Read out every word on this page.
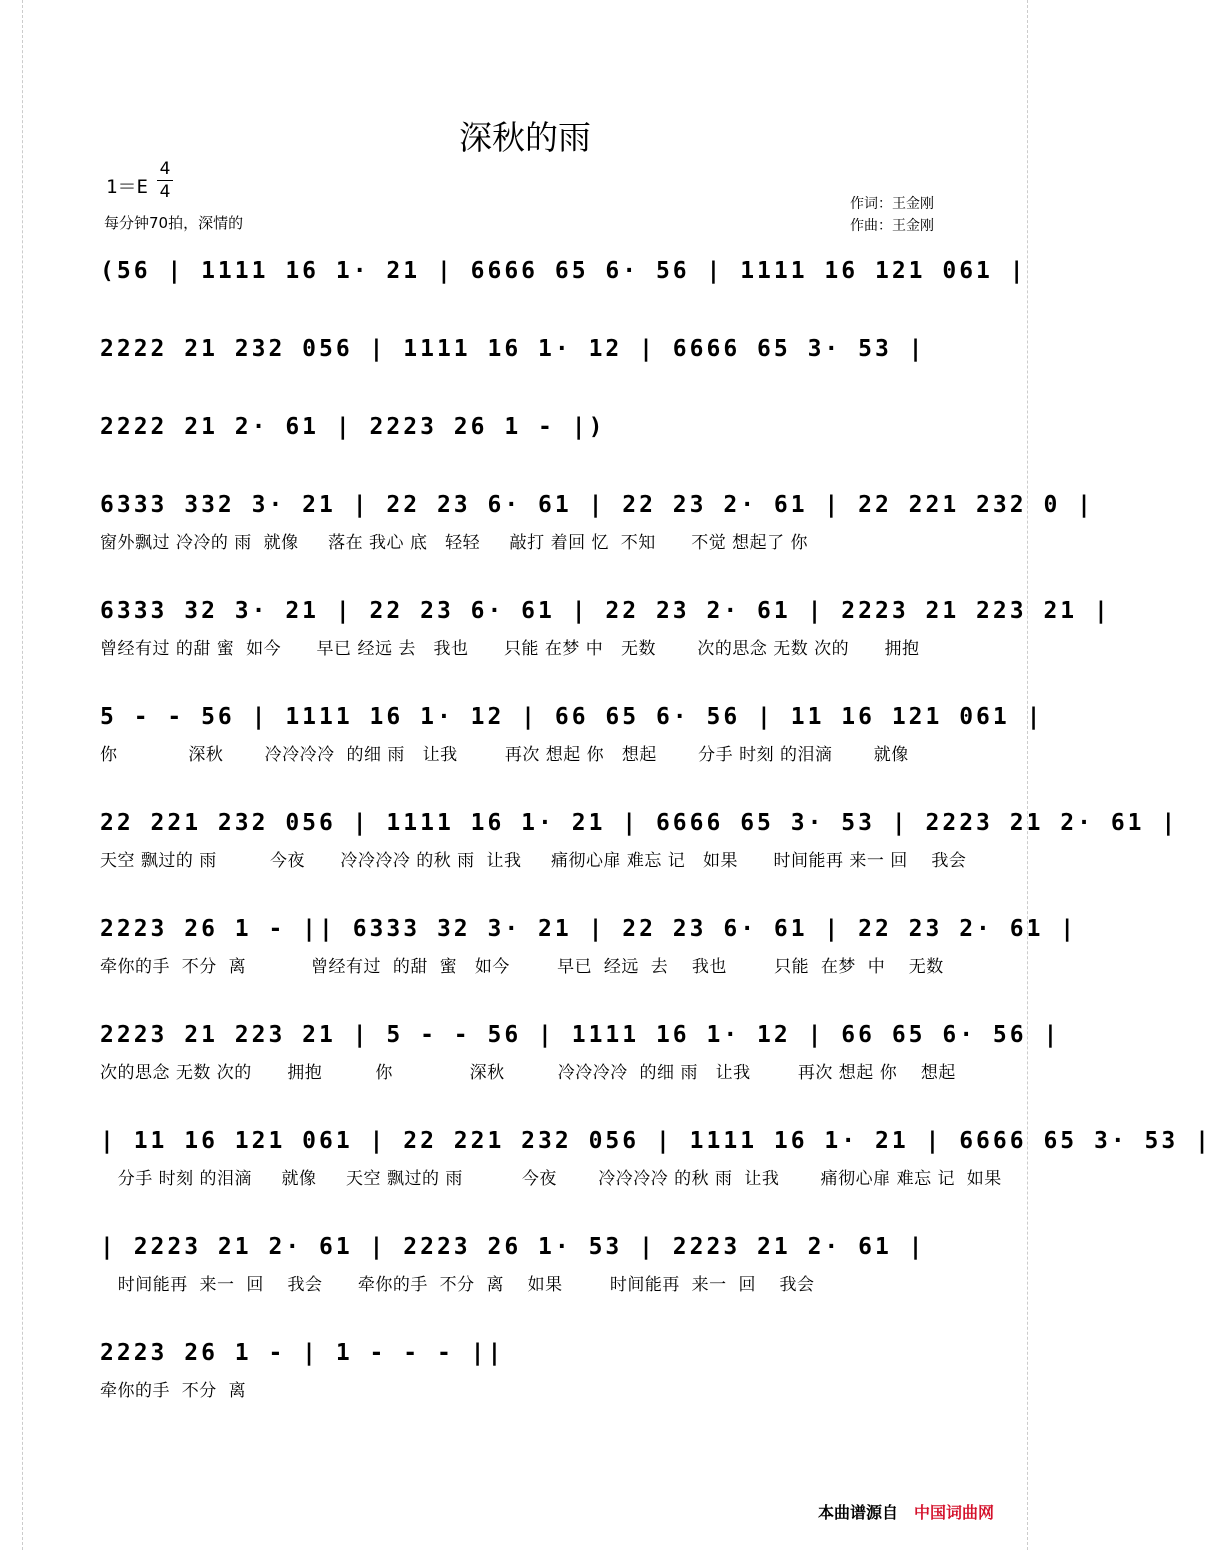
深秋的雨
1＝E
4
4
每分钟70拍，深情的
作词：王金刚
作曲：王金刚
(56 | 1111 16 1· 21 | 6666 65 6· 56 | 1111 16 121 061 |
2222 21 232 056 | 1111 16 1· 12 | 6666 65 3· 53 |
2222 21 2· 61 | 2223 26 1 - |)
6333 332 3· 21 | 22 23 6· 61 | 22 23 2· 61 | 22 221 232 0 |
窗外飘过 冷冷的 雨  就像     落在 我心 底   轻轻     敲打 着回 忆  不知      不觉 想起了 你
6333 32 3· 21 | 22 23 6· 61 | 22 23 2· 61 | 2223 21 223 21 |
曾经有过 的甜 蜜  如今      早已 经远 去   我也      只能 在梦 中   无数       次的思念 无数 次的      拥抱
5 - - 56 | 1111 16 1· 12 | 66 65 6· 56 | 11 16 121 061 |
你            深秋       冷冷冷冷  的细 雨   让我        再次 想起 你   想起       分手 时刻 的泪滴       就像
22 221 232 056 | 1111 16 1· 21 | 6666 65 3· 53 | 2223 21 2· 61 |
天空 飘过的 雨         今夜      冷冷冷冷 的秋 雨  让我     痛彻心扉 难忘 记   如果      时间能再 来一 回    我会
2223 26 1 - || 6333 32 3· 21 | 22 23 6· 61 | 22 23 2· 61 |
牵你的手  不分  离           曾经有过  的甜  蜜   如今        早已  经远  去    我也        只能  在梦  中    无数
2223 21 223 21 | 5 - - 56 | 1111 16 1· 12 | 66 65 6· 56 |
次的思念 无数 次的      拥抱         你             深秋         冷冷冷冷  的细 雨   让我        再次 想起 你    想起
| 11 16 121 061 | 22 221 232 056 | 1111 16 1· 21 | 6666 65 3· 53 |
分手 时刻 的泪滴     就像     天空 飘过的 雨          今夜       冷冷冷冷 的秋 雨  让我       痛彻心扉 难忘 记  如果
| 2223 21 2· 61 | 2223 26 1· 53 | 2223 21 2· 61 |
时间能再  来一  回    我会      牵你的手  不分  离    如果        时间能再  来一  回    我会
2223 26 1 - | 1 - - - ||
牵你的手  不分  离
本曲谱源自 中国词曲网
